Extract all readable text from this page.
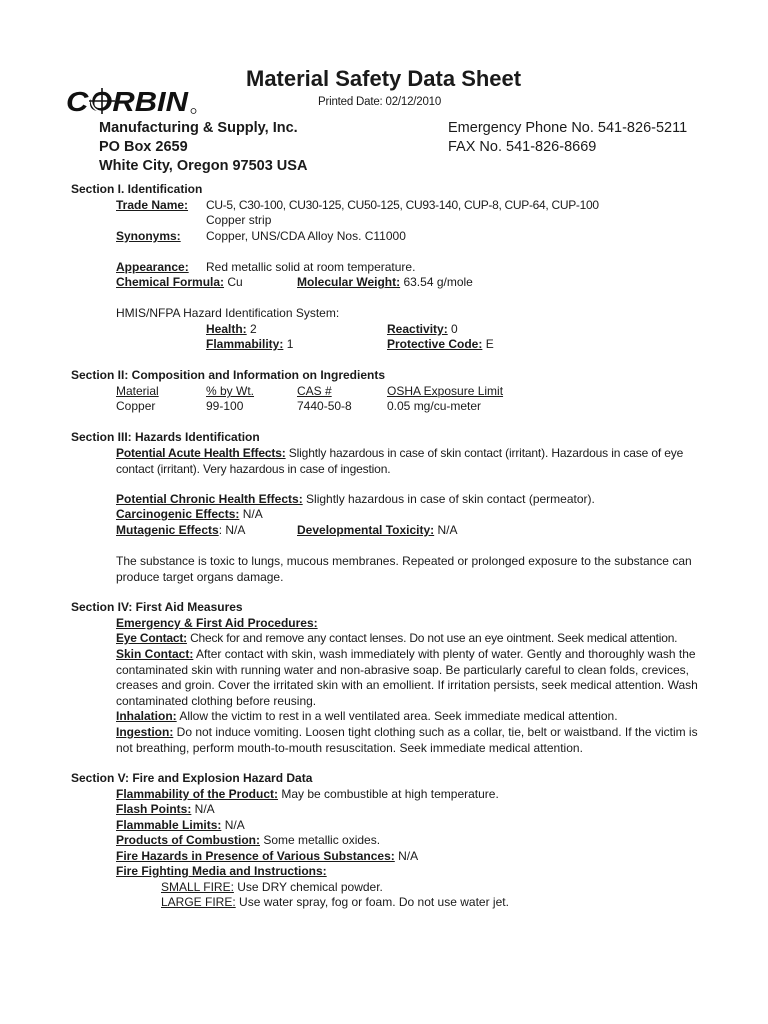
Material Safety Data Sheet
Printed Date: 02/12/2010
CORBIN
Manufacturing & Supply, Inc.
PO Box 2659
White City, Oregon 97503 USA
Emergency Phone No. 541-826-5211
FAX No. 541-826-8669
Section I. Identification
Trade Name: CU-5, C30-100, CU30-125, CU50-125, CU93-140, CUP-8, CUP-64, CUP-100
Copper strip
Synonyms: Copper, UNS/CDA Alloy Nos. C11000
Appearance: Red metallic solid at room temperature.
Chemical Formula: Cu	Molecular Weight: 63.54 g/mole
HMIS/NFPA Hazard Identification System:
Health: 2	Reactivity: 0
Flammability: 1	Protective Code: E
Section II: Composition and Information on Ingredients
Material	% by Wt.	CAS #	OSHA Exposure Limit
Copper	99-100	7440-50-8	0.05 mg/cu-meter
Section III: Hazards Identification
Potential Acute Health Effects: Slightly hazardous in case of skin contact (irritant). Hazardous in case of eye contact (irritant). Very hazardous in case of ingestion.
Potential Chronic Health Effects: Slightly hazardous in case of skin contact (permeator).
Carcinogenic Effects: N/A
Mutagenic Effects: N/A	Developmental Toxicity: N/A
The substance is toxic to lungs, mucous membranes. Repeated or prolonged exposure to the substance can produce target organs damage.
Section IV: First Aid Measures
Emergency & First Aid Procedures:
Eye Contact: Check for and remove any contact lenses. Do not use an eye ointment. Seek medical attention.
Skin Contact: After contact with skin, wash immediately with plenty of water. Gently and thoroughly wash the contaminated skin with running water and non-abrasive soap. Be particularly careful to clean folds, crevices, creases and groin. Cover the irritated skin with an emollient. If irritation persists, seek medical attention. Wash contaminated clothing before reusing.
Inhalation: Allow the victim to rest in a well ventilated area. Seek immediate medical attention.
Ingestion: Do not induce vomiting. Loosen tight clothing such as a collar, tie, belt or waistband. If the victim is not breathing, perform mouth-to-mouth resuscitation. Seek immediate medical attention.
Section V: Fire and Explosion Hazard Data
Flammability of the Product: May be combustible at high temperature.
Flash Points: N/A
Flammable Limits: N/A
Products of Combustion: Some metallic oxides.
Fire Hazards in Presence of Various Substances: N/A
Fire Fighting Media and Instructions:
SMALL FIRE: Use DRY chemical powder.
LARGE FIRE: Use water spray, fog or foam. Do not use water jet.
